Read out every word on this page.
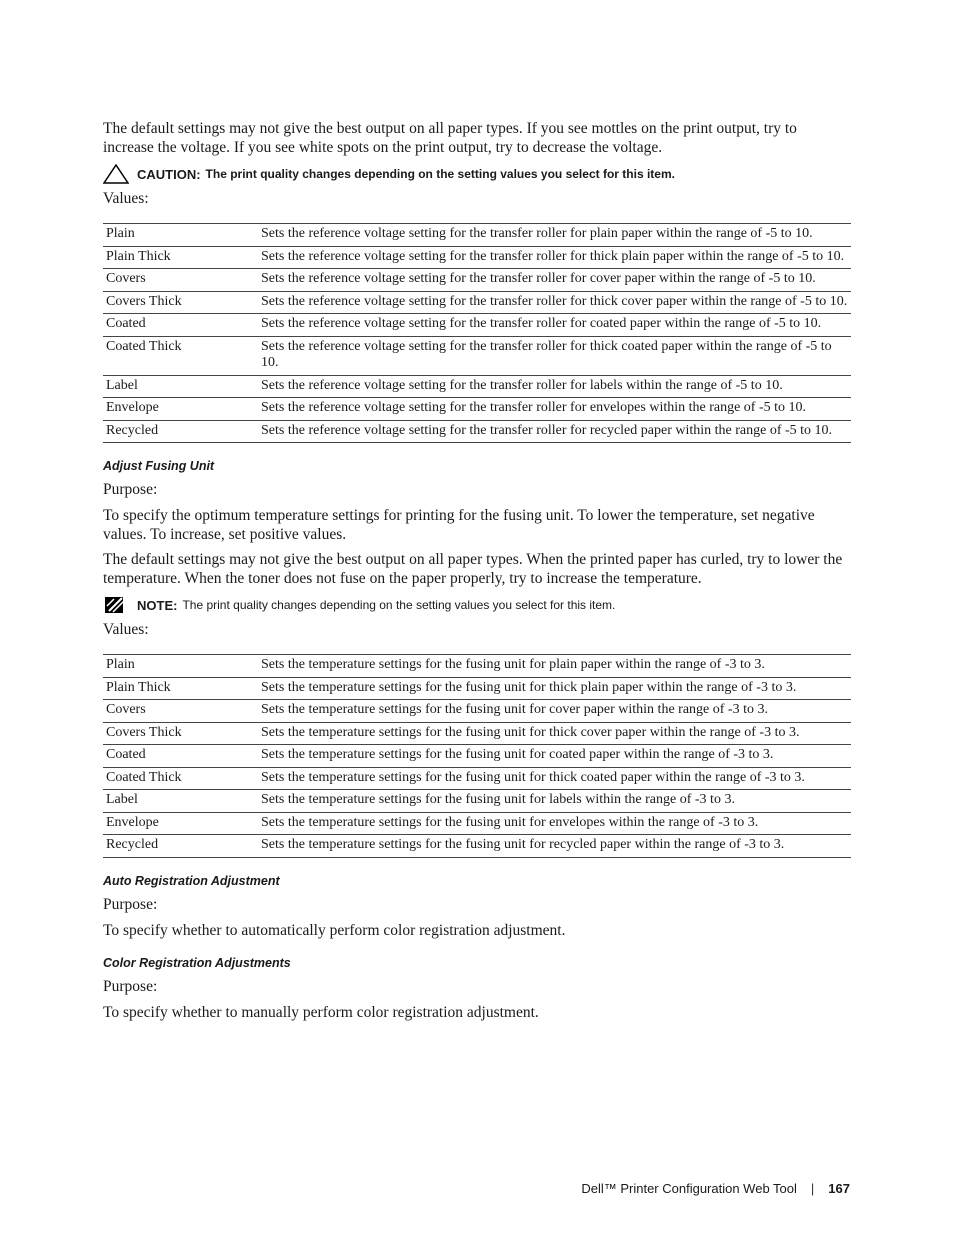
The default settings may not give the best output on all paper types. If you see mottles on the print output, try to increase the voltage. If you see white spots on the print output, try to decrease the voltage.

CAUTION: The print quality changes depending on the setting values you select for this item.
Values:
Plain	Sets the reference voltage setting for the transfer roller for plain paper within the range of -5 to 10.
Plain Thick	Sets the reference voltage setting for the transfer roller for thick plain paper within the range of -5 to 10.
Covers	Sets the reference voltage setting for the transfer roller for cover paper within the range of -5 to 10.
Covers Thick	Sets the reference voltage setting for the transfer roller for thick cover paper within the range of -5 to 10.
Coated	Sets the reference voltage setting for the transfer roller for coated paper within the range of -5 to 10.
Coated Thick	Sets the reference voltage setting for the transfer roller for thick coated paper within the range of -5 to 10.
Label	Sets the reference voltage setting for the transfer roller for labels within the range of -5 to 10.
Envelope	Sets the reference voltage setting for the transfer roller for envelopes within the range of -5 to 10.
Recycled	Sets the reference voltage setting for the transfer roller for recycled paper within the range of -5 to 10.
Adjust Fusing Unit
Purpose:

To specify the optimum temperature settings for printing for the fusing unit. To lower the temperature, set negative values. To increase, set positive values.

The default settings may not give the best output on all paper types. When the printed paper has curled, try to lower the temperature. When the toner does not fuse on the paper properly, try to increase the temperature.

NOTE: The print quality changes depending on the setting values you select for this item.
Values:
Plain	Sets the temperature settings for the fusing unit for plain paper within the range of -3 to 3.
Plain Thick	Sets the temperature settings for the fusing unit for thick plain paper within the range of -3 to 3.
Covers	Sets the temperature settings for the fusing unit for cover paper within the range of -3 to 3.
Covers Thick	Sets the temperature settings for the fusing unit for thick cover paper within the range of -3 to 3.
Coated	Sets the temperature settings for the fusing unit for coated paper within the range of -3 to 3.
Coated Thick	Sets the temperature settings for the fusing unit for thick coated paper within the range of -3 to 3.
Label	Sets the temperature settings for the fusing unit for labels within the range of -3 to 3.
Envelope	Sets the temperature settings for the fusing unit for envelopes within the range of -3 to 3.
Recycled	Sets the temperature settings for the fusing unit for recycled paper within the range of -3 to 3.
Auto Registration Adjustment
Purpose:

To specify whether to automatically perform color registration adjustment.

Color Registration Adjustments
Purpose:

To specify whether to manually perform color registration adjustment.

Dell™ Printer Configuration Web Tool | 167
